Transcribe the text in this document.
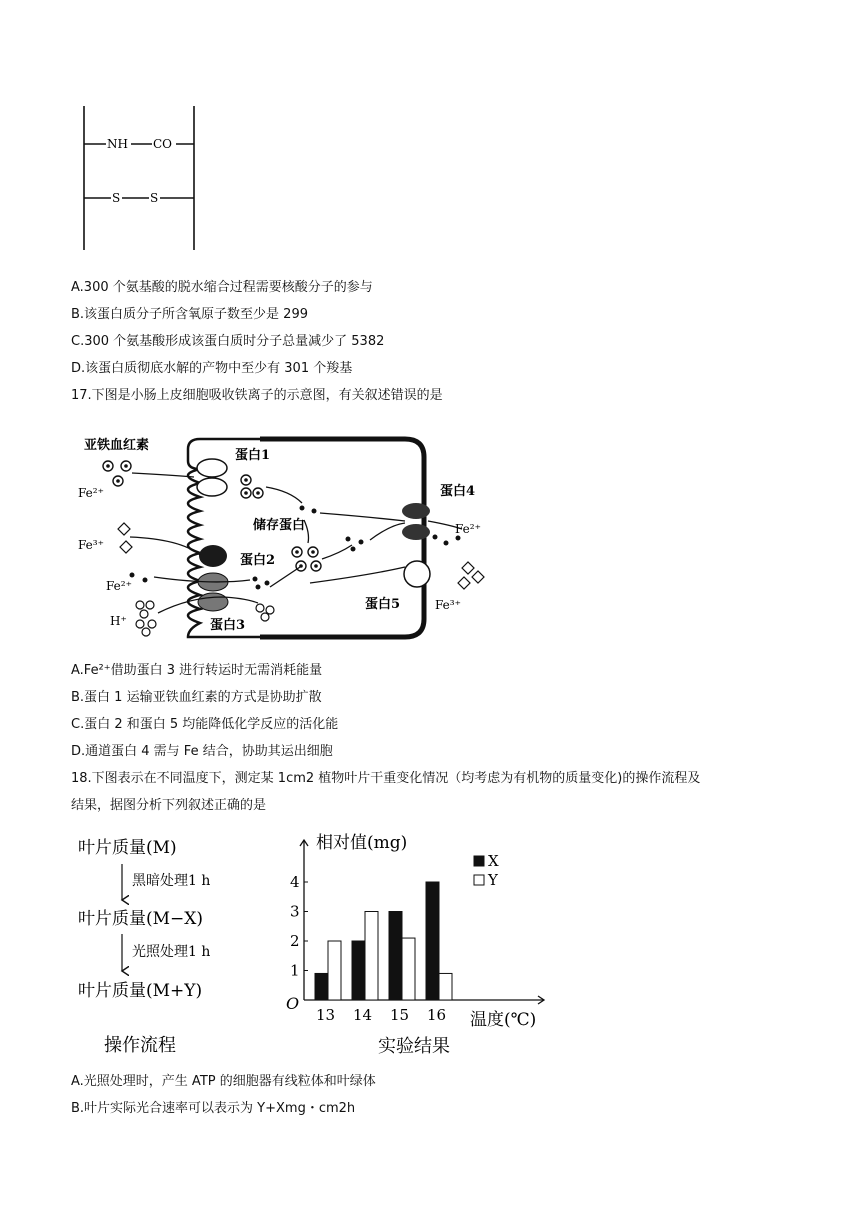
NH CO
S S
A.300 个氨基酸的脱水缩合过程需要核酸分子的参与
B.该蛋白质分子所含氧原子数至少是 299
C.300 个氨基酸形成该蛋白质时分子总量减少了 5382
D.该蛋白质彻底水解的产物中至少有 301 个羧基
17.下图是小肠上皮细胞吸收铁离子的示意图，有关叙述错误的是
亚铁血红素
Fe²⁺
Fe³⁺
Fe²⁺
H⁺
蛋白1
储存蛋白
蛋白2
蛋白3
蛋白4
蛋白5
Fe²⁺
Fe³⁺
A.Fe²⁺借助蛋白 3 进行转运时无需消耗能量
B.蛋白 1 运输亚铁血红素的方式是协助扩散
C.蛋白 2 和蛋白 5 均能降低化学反应的活化能
D.通道蛋白 4 需与 Fe 结合，协助其运出细胞
18.下图表示在不同温度下，测定某 1cm2 植物叶片干重变化情况（均考虑为有机物的质量变化)的操作流程及
结果，据图分析下列叙述正确的是
叶片质量(M)
黑暗处理1 h
叶片质量(M−X)
光照处理1 h
叶片质量(M+Y)
操作流程
1
2
3
4
13 14 15 16
X
Y
相对值(mg)
温度(℃)
O
实验结果
A.光照处理时，产生 ATP 的细胞器有线粒体和叶绿体
B.叶片实际光合速率可以表示为 Y+Xmg・cm2h
